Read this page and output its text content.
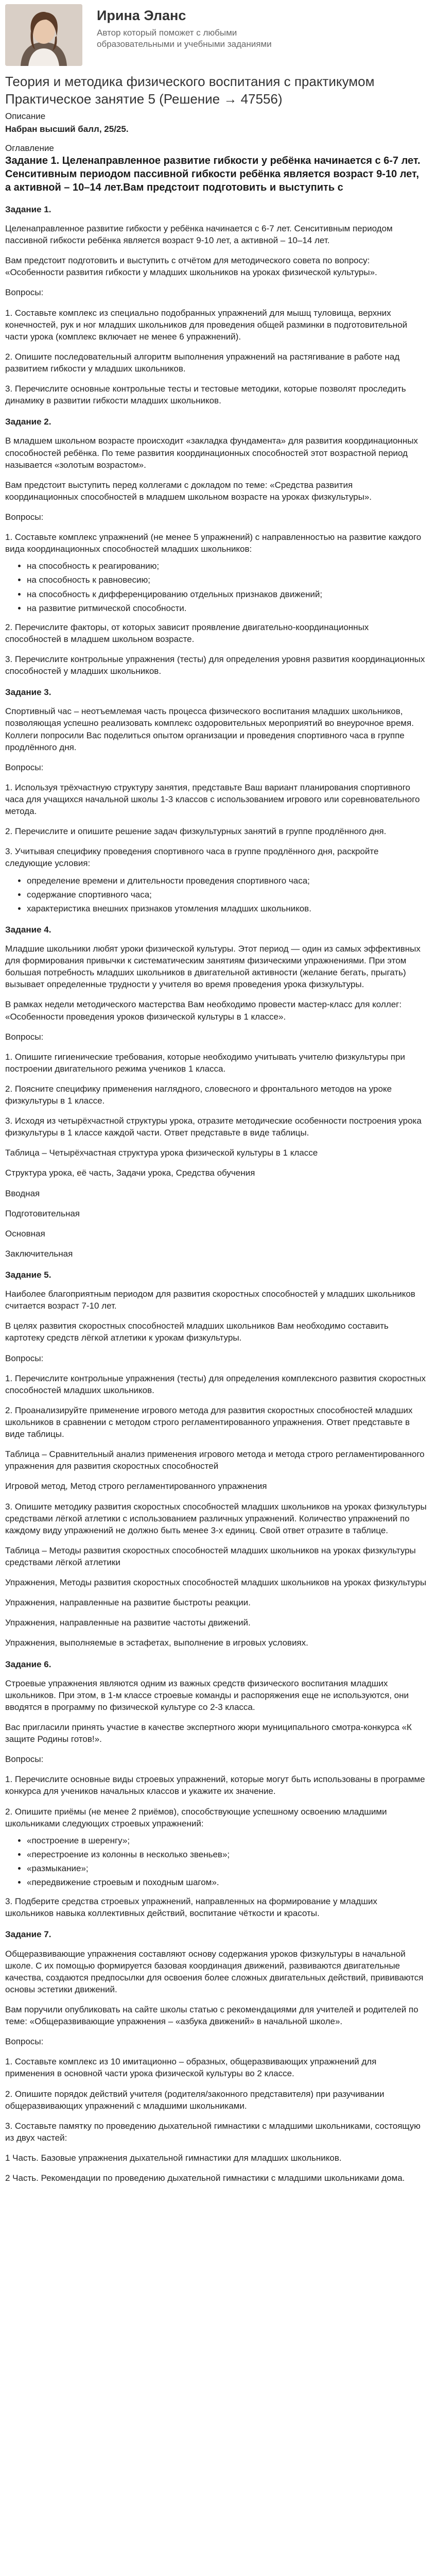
Ирина Эланс
Автор который поможет с любыми образовательными и учебными заданиями
Теория и методика физического воспитания с практикумом Практическое занятие 5 (Решение → 47556)
Описание
Набран высший балл, 25/25.
Оглавление
Задание 1. Целенаправленное развитие гибкости у ребёнка начинается с 6-7 лет. Сенситивным периодом пассивной гибкости ребёнка является возраст 9-10 лет, а активной – 10–14 лет.Вам предстоит подготовить и выступить с
Задание 1.

Целенаправленное развитие гибкости у ребёнка начинается с 6-7 лет. Сенситивным периодом пассивной гибкости ребёнка является возраст 9-10 лет, а активной – 10–14 лет.

Вам предстоит подготовить и выступить с отчётом для методического совета по вопросу: «Особенности развития гибкости у младших школьников на уроках физической культуры».

Вопросы:

1. Составьте комплекс из специально подобранных упражнений для мышц туловища, верхних конечностей, рук и ног младших школьников для проведения общей разминки в подготовительной части урока (комплекс включает не менее 6 упражнений).

2. Опишите последовательный алгоритм выполнения упражнений на растягивание в работе над развитием гибкости у младших школьников.

3. Перечислите основные контрольные тесты и тестовые методики, которые позволят проследить динамику в развитии гибкости младших школьников.

Задание 2.

В младшем школьном возрасте происходит «закладка фундамента» для развития координационных способностей ребёнка. По теме развития координационных способностей этот возрастной период называется «золотым возрастом».

Вам предстоит выступить перед коллегами с докладом по теме: «Средства развития координационных способностей в младшем школьном возрасте на уроках физкультуры».

Вопросы:

1. Составьте комплекс упражнений (не менее 5 упражнений) с направленностью на развитие каждого вида координационных способностей младших школьников:

• на способность к реагированию;
• на способность к равновесию;
• на способность к дифференцированию отдельных признаков движений;
• на развитие ритмической способности.

2. Перечислите факторы, от которых зависит проявление двигательно-координационных способностей в младшем школьном возрасте.

3. Перечислите контрольные упражнения (тесты) для определения уровня развития координационных способностей у младших школьников.

Задание 3.

Спортивный час – неотъемлемая часть процесса физического воспитания младших школьников, позволяющая успешно реализовать комплекс оздоровительных мероприятий во внеурочное время. Коллеги попросили Вас поделиться опытом организации и проведения спортивного часа в группе продлённого дня.

Вопросы:

1. Используя трёхчастную структуру занятия, представьте Ваш вариант планирования спортивного часа для учащихся начальной школы 1-3 классов с использованием игрового или соревновательного метода.

2. Перечислите и опишите решение задач физкультурных занятий в группе продлённого дня.

3. Учитывая специфику проведения спортивного часа в группе продлённого дня, раскройте следующие условия:

• определение времени и длительности проведения спортивного часа;
• содержание спортивного часа;
• характеристика внешних признаков утомления младших школьников.
Задание 4.

Младшие школьники любят уроки физической культуры. Этот период — один из самых эффективных для формирования привычки к систематическим занятиям физическими упражнениями. При этом большая потребность младших школьников в двигательной активности (желание бегать, прыгать) вызывает определенные трудности у учителя во время проведения урока физкультуры.

В рамках недели методического мастерства Вам необходимо провести мастер-класс для коллег: «Особенности проведения уроков физической культуры в 1 классе».

Вопросы:

1. Опишите гигиенические требования, которые необходимо учитывать учителю физкультуры при построении двигательного режима учеников 1 класса.

2. Поясните специфику применения наглядного, словесного и фронтального методов на уроке физкультуры в 1 классе.

3. Исходя из четырёхчастной структуры урока, отразите методические особенности построения урока физкультуры в 1 классе каждой части. Ответ представьте в виде таблицы.

Таблица – Четырёхчастная структура урока физической культуры в 1 классе

Структура урока, её часть, Задачи урока, Средства обучения

Вводная

Подготовительная

Основная

Заключительная

Задание 5.

Наиболее благоприятным периодом для развития скоростных способностей у младших школьников считается возраст 7-10 лет.

В целях развития скоростных способностей младших школьников Вам необходимо составить картотеку средств лёгкой атлетики к урокам физкультуры.

Вопросы:

1. Перечислите контрольные упражнения (тесты) для определения комплексного развития скоростных способностей младших школьников.

2. Проанализируйте применение игрового метода для развития скоростных способностей младших школьников в сравнении с методом строго регламентированного упражнения. Ответ представьте в виде таблицы.

Таблица – Сравнительный анализ применения игрового метода и метода строго регламентированного упражнения для развития скоростных способностей

Игровой метод, Метод строго регламентированного упражнения

3. Опишите методику развития скоростных способностей младших школьников на уроках физкультуры средствами лёгкой атлетики с использованием различных упражнений. Количество упражнений по каждому виду упражнений не должно быть менее 3-х единиц. Свой ответ отразите в таблице.

Таблица – Методы развития скоростных способностей младших школьников на уроках физкультуры средствами лёгкой атлетики

Упражнения, Методы развития скоростных способностей младших школьников на уроках физкультуры

Упражнения, направленные на развитие быстроты реакции.

Упражнения, направленные на развитие частоты движений.

Упражнения, выполняемые в эстафетах, выполнение в игровых условиях.

Задание 6.

Строевые упражнения являются одним из важных средств физического воспитания младших школьников. При этом, в 1-м классе строевые команды и распоряжения еще не используются, они вводятся в программу по физической культуре со 2-3 класса.

Вас пригласили принять участие в качестве экспертного жюри муниципального смотра-конкурса «К защите Родины готов!».

Вопросы:

1. Перечислите основные виды строевых упражнений, которые могут быть использованы в программе конкурса для учеников начальных классов и укажите их значение.

2. Опишите приёмы (не менее 2 приёмов), способствующие успешному освоению младшими школьниками следующих строевых упражнений:

• «построение в шеренгу»;
• «перестроение из колонны в несколько звеньев»;
• «размыкание»;
• «передвижение строевым и походным шагом».

3. Подберите средства строевых упражнений, направленных на формирование у младших школьников навыка коллективных действий, воспитание чёткости и красоты.

Задание 7.

Общеразвивающие упражнения составляют основу содержания уроков физкультуры в начальной школе. С их помощью формируется базовая координация движений, развиваются двигательные качества, создаются предпосылки для освоения более сложных двигательных действий, прививаются основы эстетики движений.

Вам поручили опубликовать на сайте школы статью с рекомендациями для учителей и родителей по теме: «Общеразвивающие упражнения – «азбука движений» в начальной школе».

Вопросы:

1. Составьте комплекс из 10 имитационно – образных, общеразвивающих упражнений для применения в основной части урока физической культуры во 2 классе.

2. Опишите порядок действий учителя (родителя/законного представителя) при разучивании общеразвивающих упражнений с младшими школьниками.

3. Составьте памятку по проведению дыхательной гимнастики с младшими школьниками, состоящую из двух частей:

1 Часть. Базовые упражнения дыхательной гимнастики для младших школьников.

2 Часть. Рекомендации по проведению дыхательной гимнастики с младшими школьниками дома.
